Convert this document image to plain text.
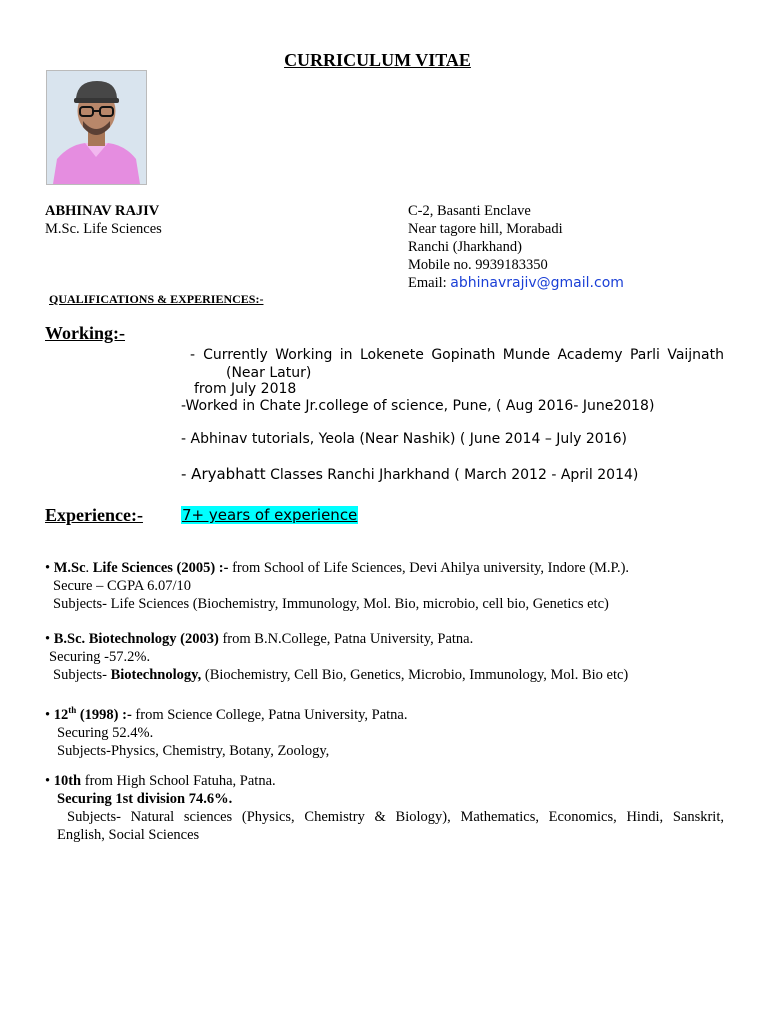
CURRICULUM VITAE
ABHINAV RAJIV
M.Sc. Life Sciences
C-2, Basanti Enclave
Near tagore hill, Morabadi
Ranchi (Jharkhand)
Mobile no. 9939183350
Email: abhinavrajiv@gmail.com
QUALIFICATIONS & EXPERIENCES:-
Working:-
- Currently Working in Lokenete Gopinath Munde Academy Parli Vaijnath
(Near Latur)
from July 2018
-Worked in Chate Jr.college of science, Pune, ( Aug 2016- June2018)
- Abhinav tutorials, Yeola (Near Nashik) ( June 2014 – July 2016)
- Aryabhatt Classes Ranchi Jharkhand ( March 2012 - April 2014)
Experience:-	7+ years of experience
• M.Sc. Life Sciences (2005) :- from School of Life Sciences, Devi Ahilya university, Indore (M.P.).
Secure – CGPA 6.07/10
Subjects- Life Sciences (Biochemistry, Immunology, Mol. Bio, microbio, cell bio, Genetics etc)
• B.Sc. Biotechnology (2003) from B.N.College, Patna University, Patna.
Securing -57.2%.
Subjects- Biotechnology, (Biochemistry, Cell Bio, Genetics, Microbio, Immunology, Mol. Bio etc)
• 12th (1998) :- from Science College, Patna University, Patna.
Securing 52.4%.
Subjects-Physics, Chemistry, Botany, Zoology,
• 10th from High School Fatuha, Patna.
Securing 1st division 74.6%.
Subjects- Natural sciences (Physics, Chemistry & Biology), Mathematics, Economics, Hindi, Sanskrit,
English, Social Sciences
